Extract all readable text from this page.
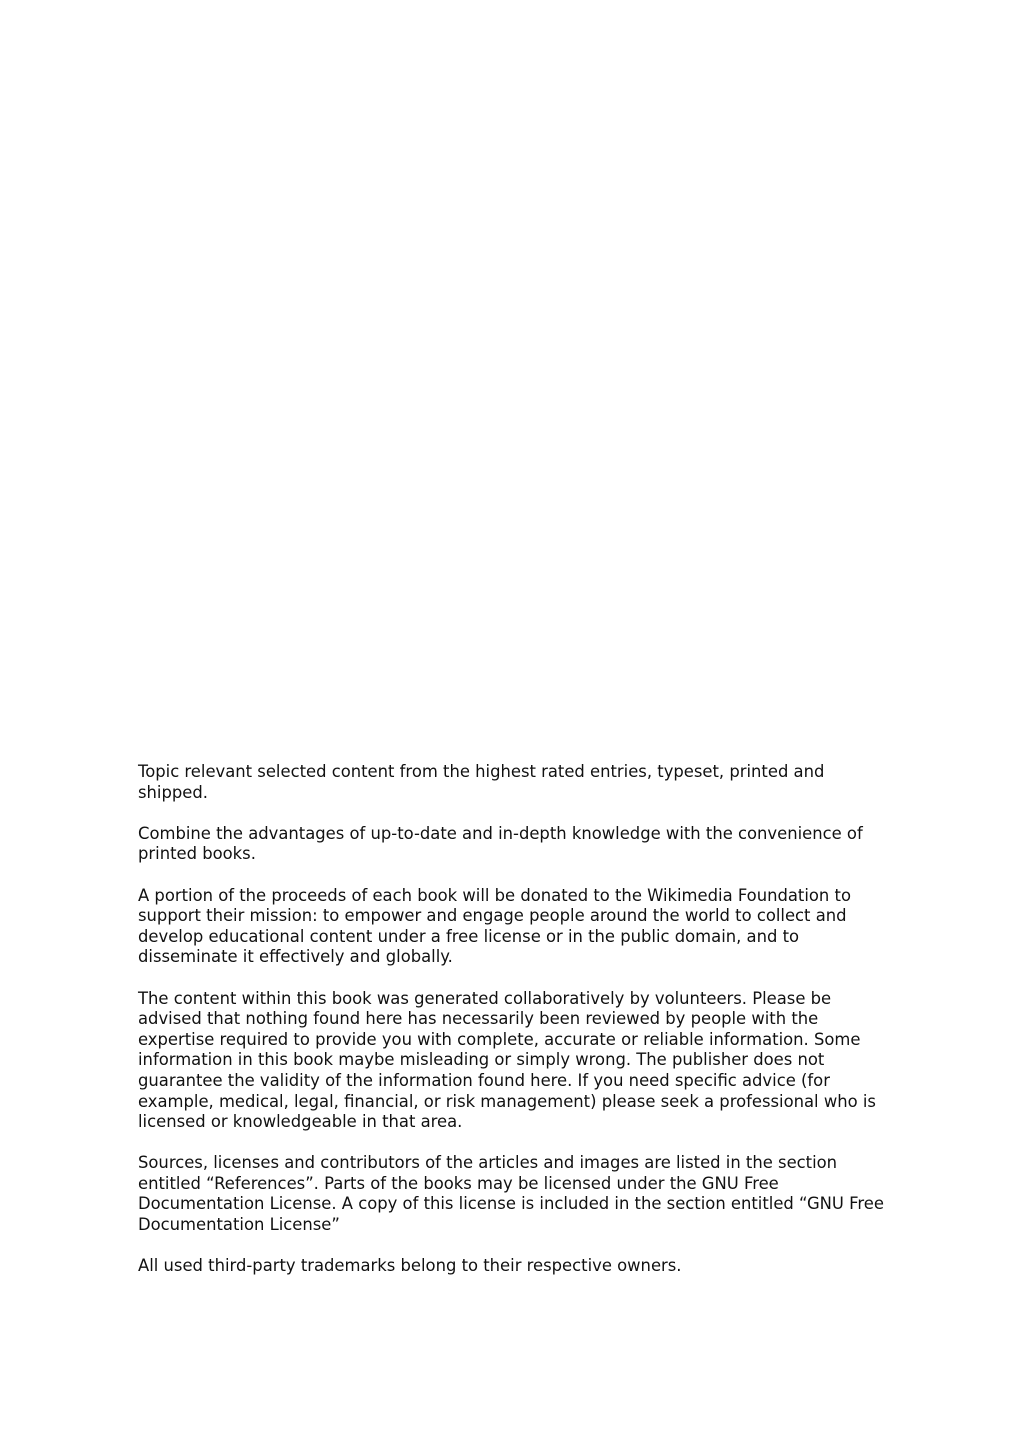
Topic relevant selected content from the highest rated entries, typeset, printed and shipped.

Combine the advantages of up-to-date and in-depth knowledge with the convenience of printed books.

A portion of the proceeds of each book will be donated to the Wikimedia Foundation to support their mission: to empower and engage people around the world to collect and develop educational content under a free license or in the public domain, and to disseminate it effectively and globally.

The content within this book was generated collaboratively by volunteers. Please be advised that nothing found here has necessarily been reviewed by people with the expertise required to provide you with complete, accurate or reliable information. Some information in this book maybe misleading or simply wrong. The publisher does not guarantee the validity of the information found here. If you need specific advice (for example, medical, legal, financial, or risk management) please seek a professional who is licensed or knowledgeable in that area.

Sources, licenses and contributors of the articles and images are listed in the section entitled “References”. Parts of the books may be licensed under the GNU Free Documentation License. A copy of this license is included in the section entitled “GNU Free Documentation License”

All used third-party trademarks belong to their respective owners.
